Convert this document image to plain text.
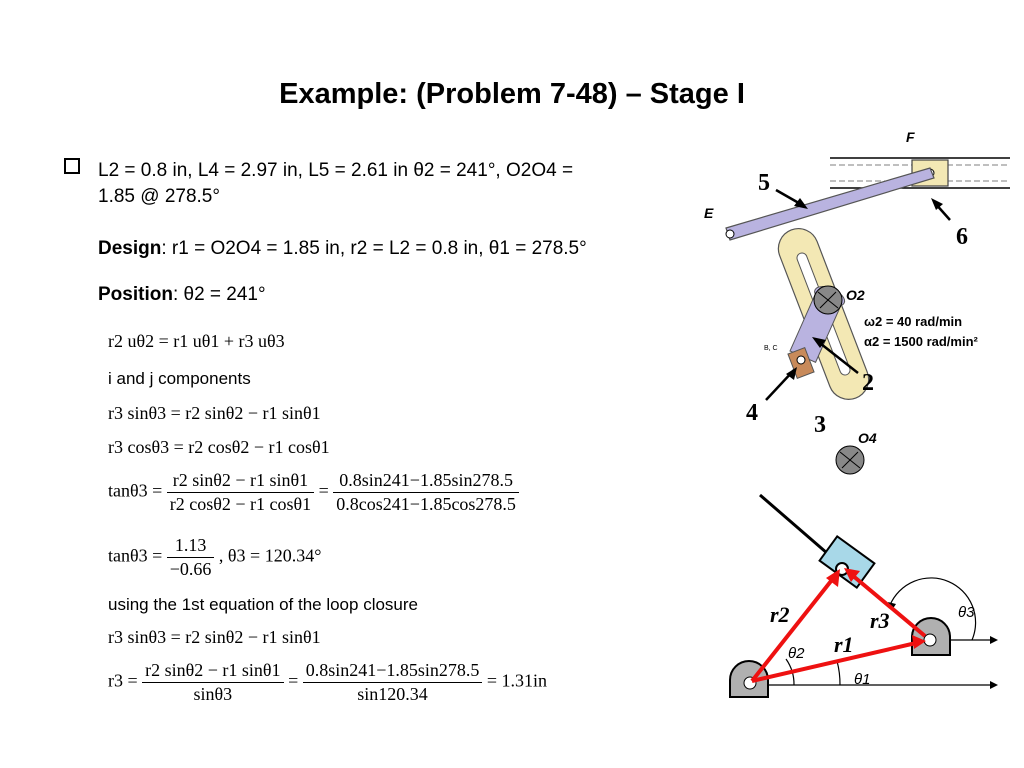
Example: (Problem 7-48) – Stage I
L2 = 0.8 in, L4 = 2.97 in, L5 = 2.61 in θ2 = 241°, O2O4 =
1.85 @ 278.5°
Design: r1 = O2O4 = 1.85 in, r2 = L2 = 0.8 in, θ1 = 278.5°
Position: θ2 = 241°
r2 uθ2 = r1 uθ1 + r3 uθ3
i and j components
r3 sinθ3 = r2 sinθ2 − r1 sinθ1
r3 cosθ3 = r2 cosθ2 − r1 cosθ1
$\tan\theta 3 = \frac{r2 \sin\theta 2 - r1 \sin\theta 1}{r2 \cos\theta 2 - r1 \cos\theta 1} = \frac{0.8\sin 241-1.85\sin 278.5}{0.8\cos 241-1.85\cos 278.5}$
$\tan\theta 3 = \frac{1.13}{-0.66}$ , θ3 = 120.34°
using the 1st equation of the loop closure
r3 sinθ3 = r2 sinθ2 − r1 sinθ1
$r3 = \frac{r2 \sin\theta 2 - r1 \sin\theta 1}{\sin\theta 3} = \frac{0.8\sin 241-1.85\sin 278.5}{\sin 120.34} = 1.31in$
F
E
O2
O4
B, C
5
6
2
4 3
ω2 = 40 rad/min
α2 = 1500 rad/min²
r2	r3
r1
θ2
θ1
θ3
